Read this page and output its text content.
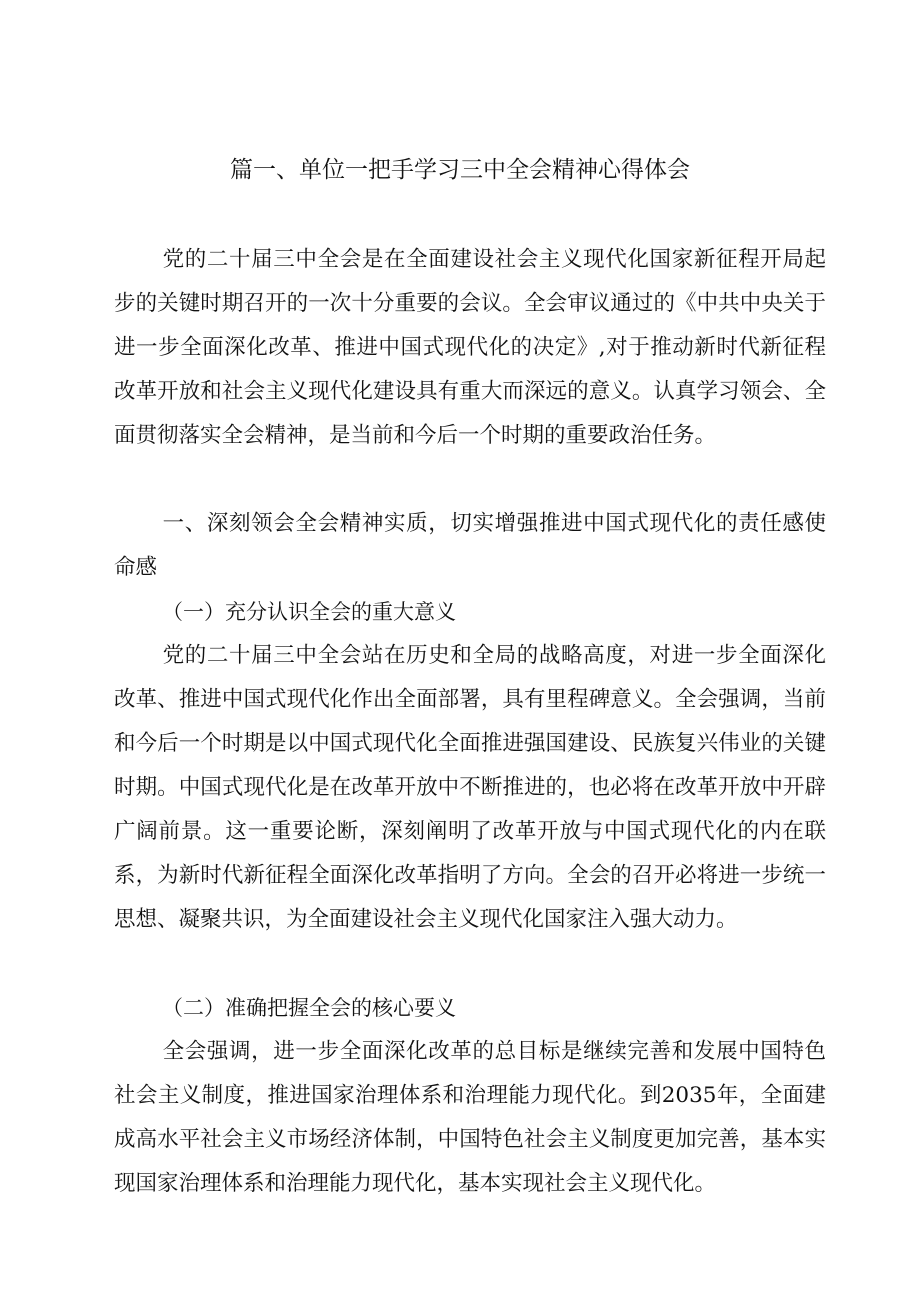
篇一、单位一把手学习三中全会精神心得体会

党的二十届三中全会是在全面建设社会主义现代化国家新征程开局起步的关键时期召开的一次十分重要的会议。全会审议通过的《中共中央关于进一步全面深化改革、推进中国式现代化的决定》,对于推动新时代新征程改革开放和社会主义现代化建设具有重大而深远的意义。认真学习领会、全面贯彻落实全会精神，是当前和今后一个时期的重要政治任务。

一、深刻领会全会精神实质，切实增强推进中国式现代化的责任感使命感

（一）充分认识全会的重大意义

党的二十届三中全会站在历史和全局的战略高度，对进一步全面深化改革、推进中国式现代化作出全面部署，具有里程碑意义。全会强调，当前和今后一个时期是以中国式现代化全面推进强国建设、民族复兴伟业的关键时期。中国式现代化是在改革开放中不断推进的，也必将在改革开放中开辟广阔前景。这一重要论断，深刻阐明了改革开放与中国式现代化的内在联系，为新时代新征程全面深化改革指明了方向。全会的召开必将进一步统一思想、凝聚共识，为全面建设社会主义现代化国家注入强大动力。

（二）准确把握全会的核心要义

全会强调，进一步全面深化改革的总目标是继续完善和发展中国特色社会主义制度，推进国家治理体系和治理能力现代化。到2035年，全面建成高水平社会主义市场经济体制，中国特色社会主义制度更加完善，基本实现国家治理体系和治理能力现代化，基本实现社会主义现代化。
